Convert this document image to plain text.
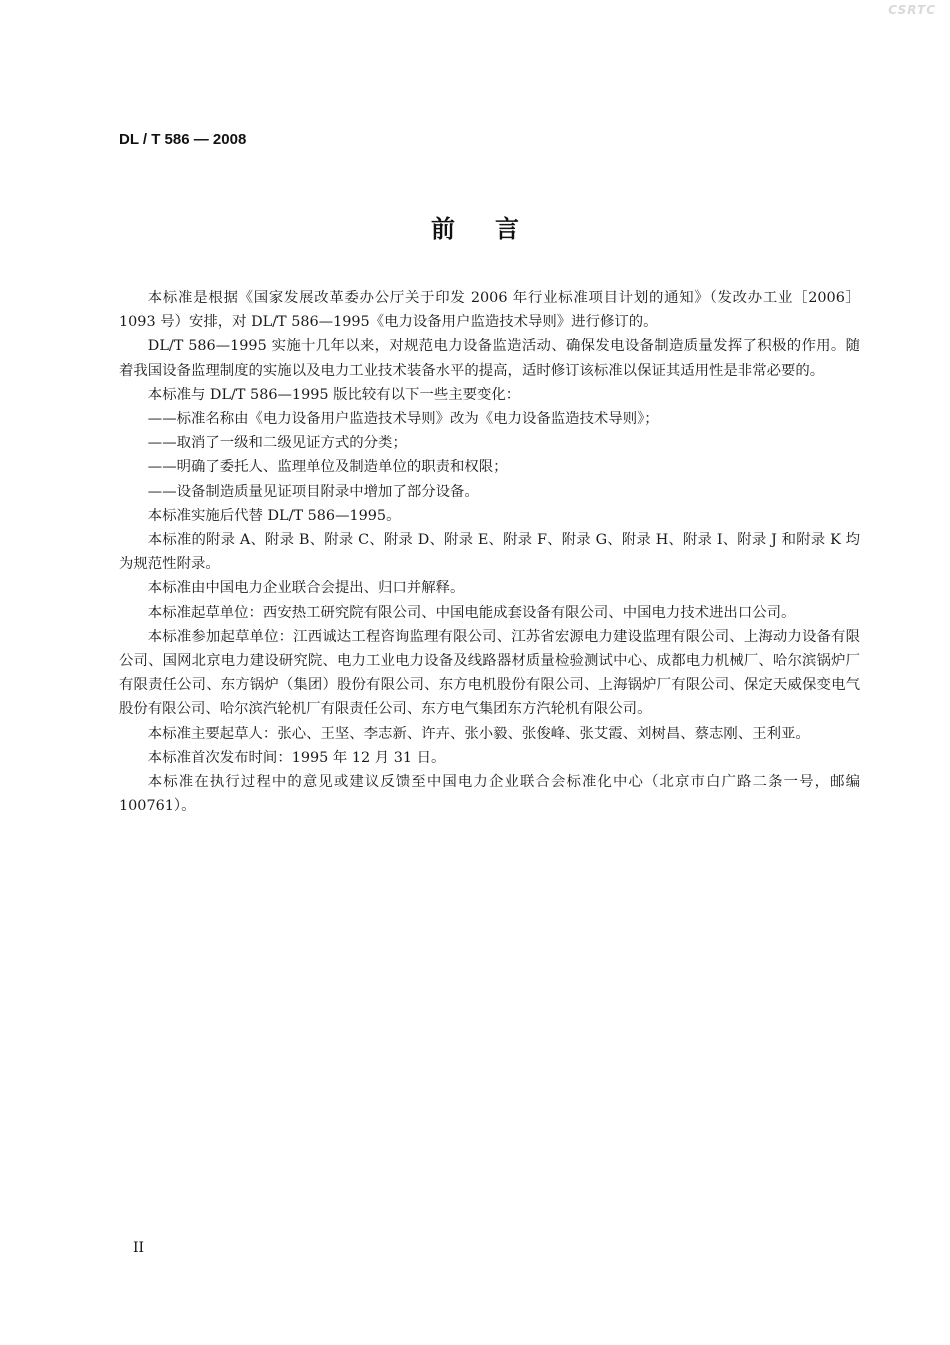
CSRTC
DL / T 586 — 2008
前言

本标准是根据《国家发展改革委办公厅关于印发 2006 年行业标准项目计划的通知》（发改办工业［2006］1093 号）安排，对 DL/T 586—1995《电力设备用户监造技术导则》进行修订的。

DL/T 586—1995 实施十几年以来，对规范电力设备监造活动、确保发电设备制造质量发挥了积极的作用。随着我国设备监理制度的实施以及电力工业技术装备水平的提高，适时修订该标准以保证其适用性是非常必要的。

本标准与 DL/T 586—1995 版比较有以下一些主要变化：

——标准名称由《电力设备用户监造技术导则》改为《电力设备监造技术导则》；

——取消了一级和二级见证方式的分类；

——明确了委托人、监理单位及制造单位的职责和权限；

——设备制造质量见证项目附录中增加了部分设备。

本标准实施后代替 DL/T 586—1995。

本标准的附录 A、附录 B、附录 C、附录 D、附录 E、附录 F、附录 G、附录 H、附录 I、附录 J 和附录 K 均为规范性附录。

本标准由中国电力企业联合会提出、归口并解释。

本标准起草单位：西安热工研究院有限公司、中国电能成套设备有限公司、中国电力技术进出口公司。

本标准参加起草单位：江西诚达工程咨询监理有限公司、江苏省宏源电力建设监理有限公司、上海动力设备有限公司、国网北京电力建设研究院、电力工业电力设备及线路器材质量检验测试中心、成都电力机械厂、哈尔滨锅炉厂有限责任公司、东方锅炉（集团）股份有限公司、东方电机股份有限公司、上海锅炉厂有限公司、保定天威保变电气股份有限公司、哈尔滨汽轮机厂有限责任公司、东方电气集团东方汽轮机有限公司。

本标准主要起草人：张心、王坚、李志新、许卉、张小毅、张俊峰、张艾霞、刘树昌、蔡志刚、王利亚。

本标准首次发布时间：1995 年 12 月 31 日。

本标准在执行过程中的意见或建议反馈至中国电力企业联合会标准化中心（北京市白广路二条一号，邮编 100761）。

II
